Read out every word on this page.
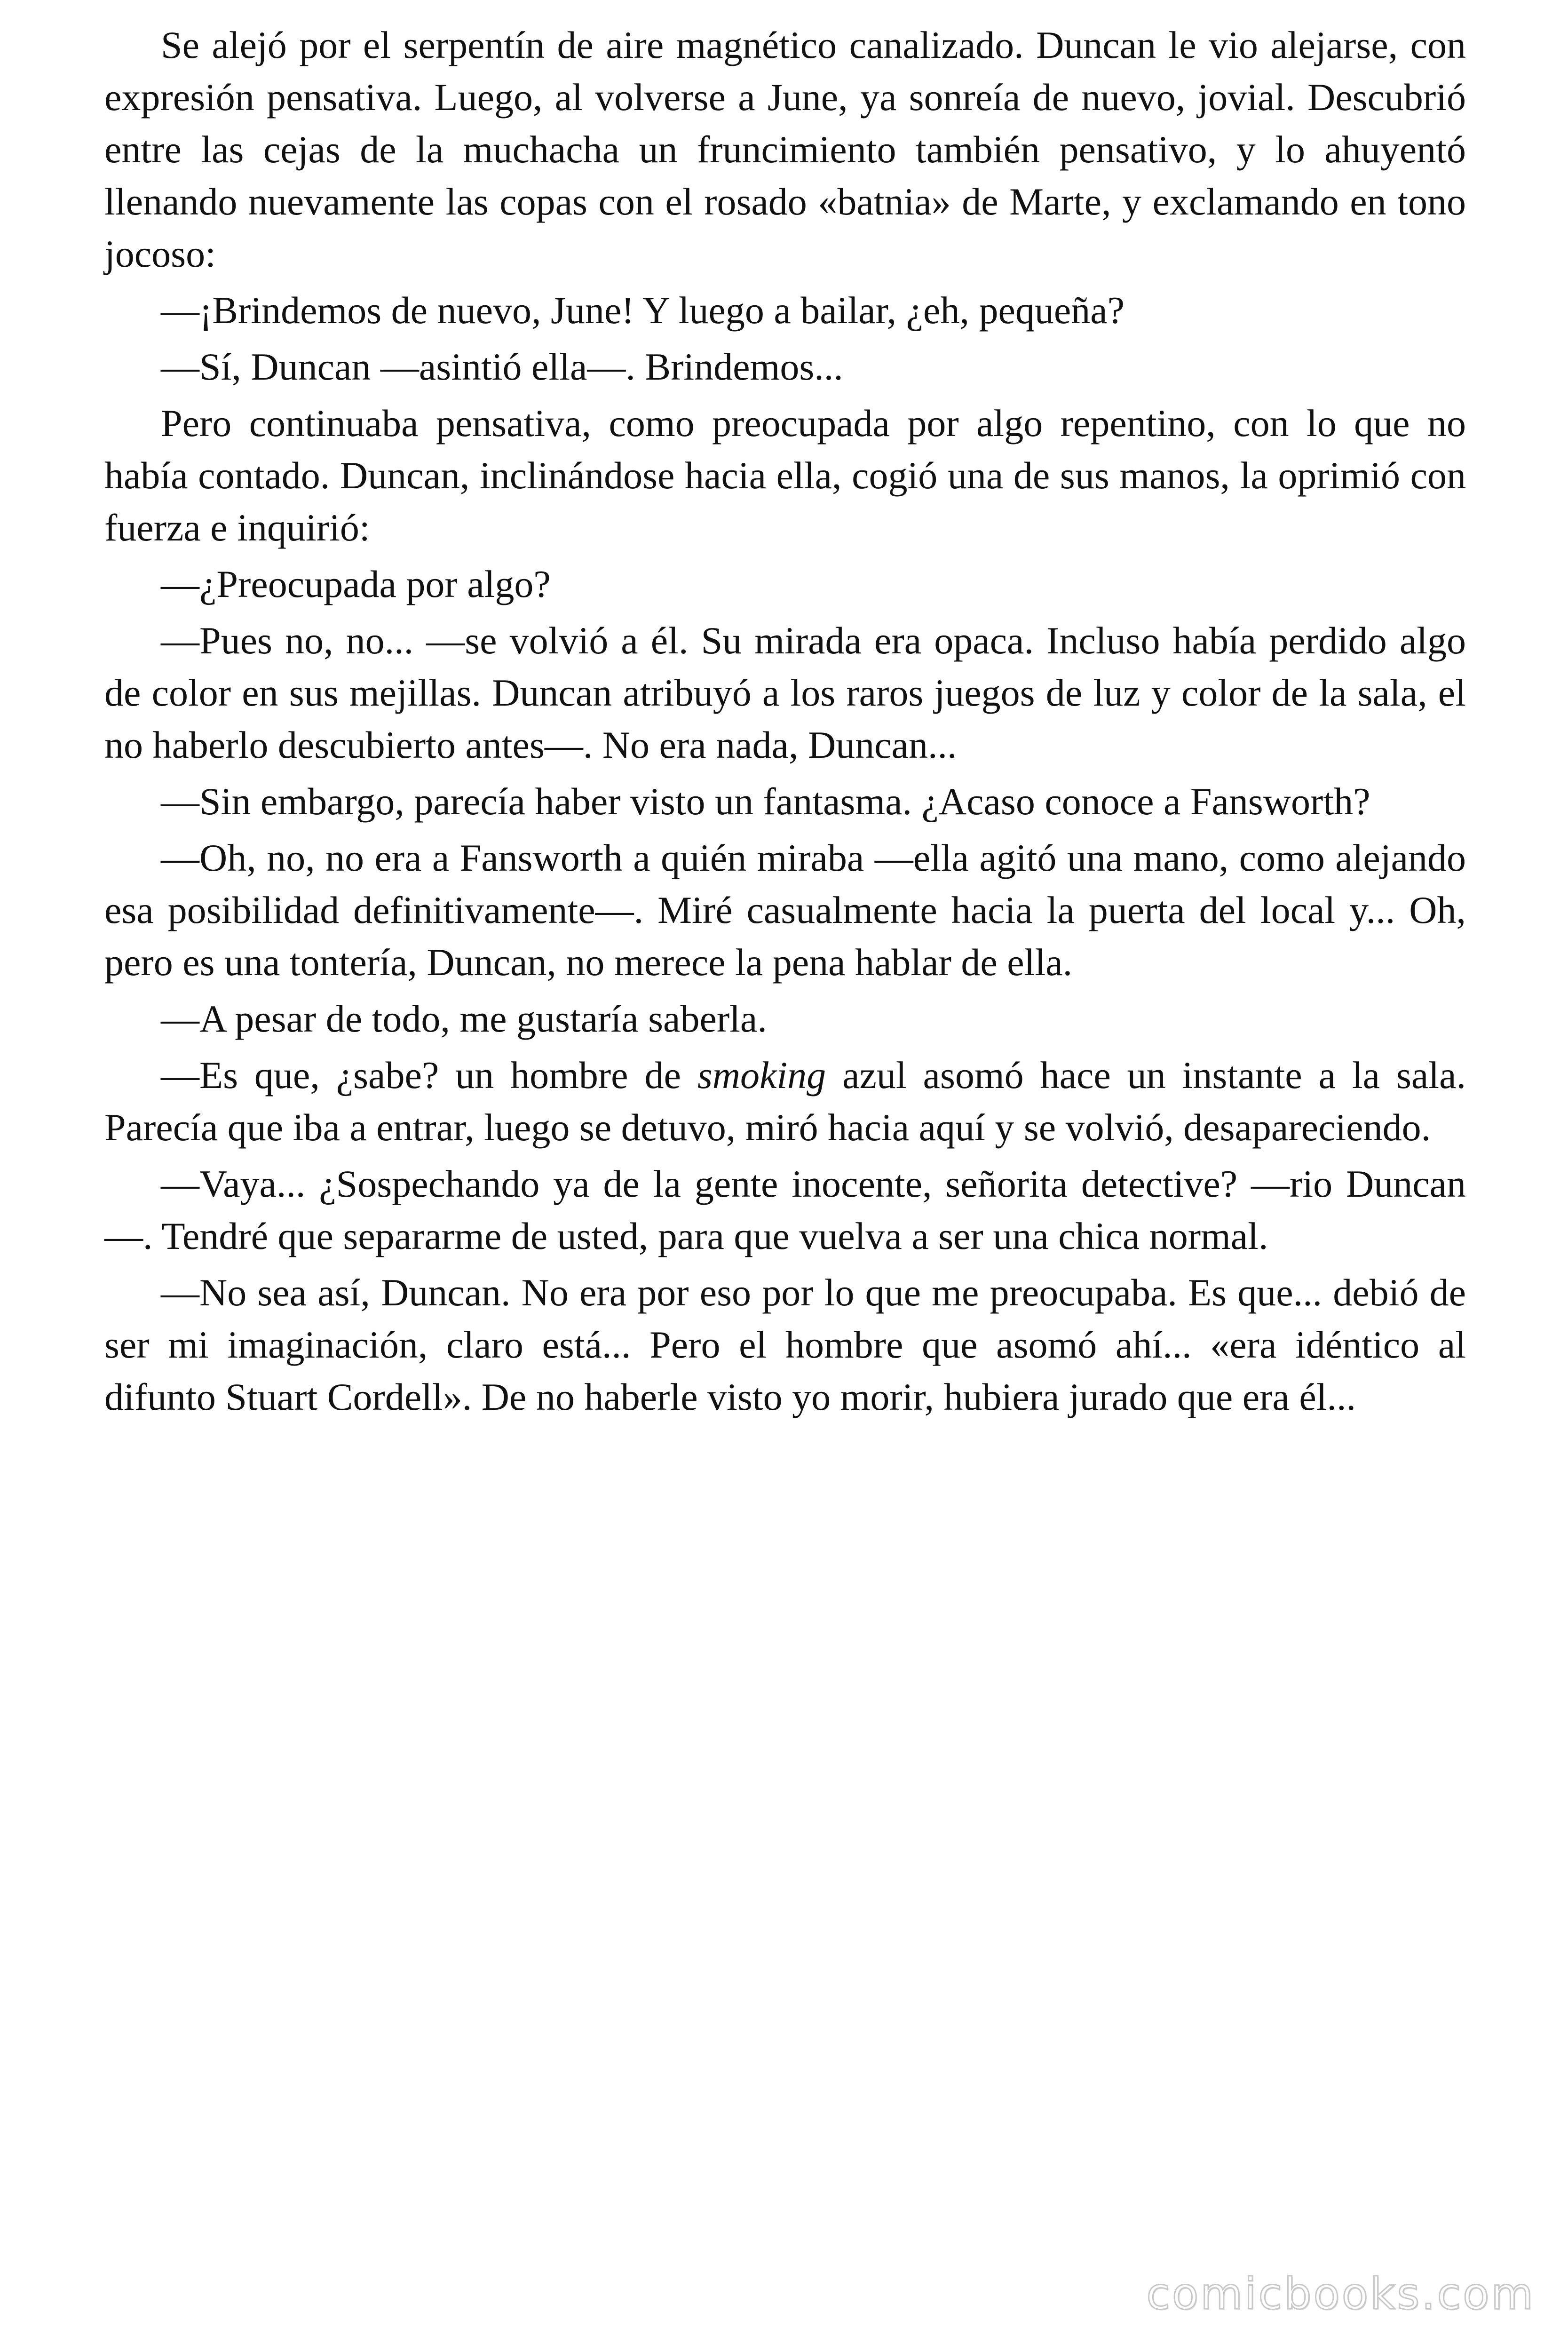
Se alejó por el serpentín de aire magnético canalizado. Duncan le vio alejarse, con expresión pensativa. Luego, al volverse a June, ya sonreía de nuevo, jovial. Descubrió entre las cejas de la muchacha un fruncimiento también pensativo, y lo ahuyentó llenando nuevamente las copas con el rosado «batnia» de Marte, y exclamando en tono jocoso:

—¡Brindemos de nuevo, June! Y luego a bailar, ¿eh, pequeña?

—Sí, Duncan —asintió ella—. Brindemos...

Pero continuaba pensativa, como preocupada por algo repentino, con lo que no había contado. Duncan, inclinándose hacia ella, cogió una de sus manos, la oprimió con fuerza e inquirió:

—¿Preocupada por algo?

—Pues no, no... —se volvió a él. Su mirada era opaca. Incluso había perdido algo de color en sus mejillas. Duncan atribuyó a los raros juegos de luz y color de la sala, el no haberlo descubierto antes—. No era nada, Duncan...

—Sin embargo, parecía haber visto un fantasma. ¿Acaso conoce a Fansworth?

—Oh, no, no era a Fansworth a quién miraba —ella agitó una mano, como alejando esa posibilidad definitivamente—. Miré casualmente hacia la puerta del local y... Oh, pero es una tontería, Duncan, no merece la pena hablar de ella.

—A pesar de todo, me gustaría saberla.

—Es que, ¿sabe? un hombre de smoking azul asomó hace un instante a la sala. Parecía que iba a entrar, luego se detuvo, miró hacia aquí y se volvió, desapareciendo.

—Vaya... ¿Sospechando ya de la gente inocente, señorita detective? —rio Duncan—. Tendré que separarme de usted, para que vuelva a ser una chica normal.

—No sea así, Duncan. No era por eso por lo que me preocupaba. Es que... debió de ser mi imaginación, claro está... Pero el hombre que asomó ahí... «era idéntico al difunto Stuart Cordell». De no haberle visto yo morir, hubiera jurado que era él...

comicbooks.com
